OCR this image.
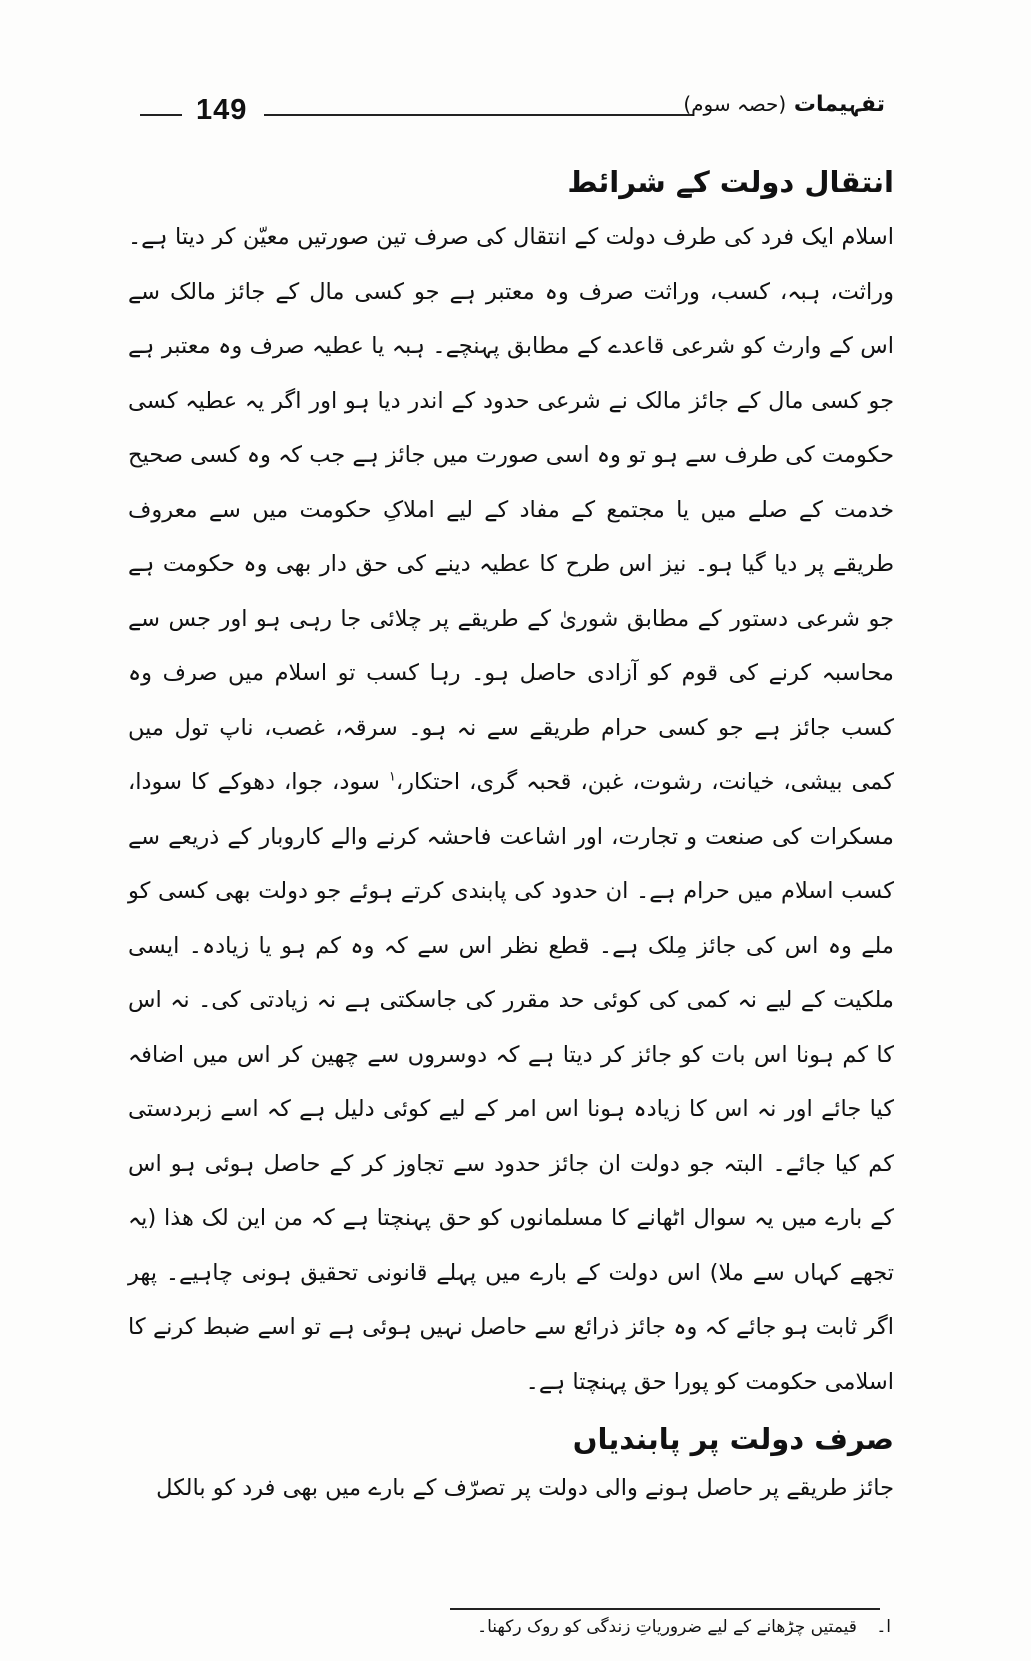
149	تفہیمات (حصہ سوم)
انتقال دولت کے شرائط

اسلام ایک فرد کی طرف دولت کے انتقال کی صرف تین صورتیں معیّن کر دیتا ہے۔ وراثت، ہبہ، کسب، وراثت صرف وہ معتبر ہے جو کسی مال کے جائز مالک سے اس کے وارث کو شرعی قاعدے کے مطابق پہنچے۔ ہبہ یا عطیہ صرف وہ معتبر ہے جو کسی مال کے جائز مالک نے شرعی حدود کے اندر دیا ہو اور اگر یہ عطیہ کسی حکومت کی طرف سے ہو تو وہ اسی صورت میں جائز ہے جب کہ وہ کسی صحیح خدمت کے صلے میں یا مجتمع کے مفاد کے لیے املاکِ حکومت میں سے معروف طریقے پر دیا گیا ہو۔ نیز اس طرح کا عطیہ دینے کی حق دار بھی وہ حکومت ہے جو شرعی دستور کے مطابق شوریٰ کے طریقے پر چلائی جا رہی ہو اور جس سے محاسبہ کرنے کی قوم کو آزادی حاصل ہو۔ رہا کسب تو اسلام میں صرف وہ کسب جائز ہے جو کسی حرام طریقے سے نہ ہو۔ سرقہ، غصب، ناپ تول میں کمی بیشی، خیانت، رشوت، غبن، قحبہ گری، احتکار،$^۱$ سود، جوا، دھوکے کا سودا، مسکرات کی صنعت و تجارت، اور اشاعت فاحشہ کرنے والے کاروبار کے ذریعے سے کسب اسلام میں حرام ہے۔ ان حدود کی پابندی کرتے ہوئے جو دولت بھی کسی کو ملے وہ اس کی جائز مِلک ہے۔ قطع نظر اس سے کہ وہ کم ہو یا زیادہ۔ ایسی ملکیت کے لیے نہ کمی کی کوئی حد مقرر کی جاسکتی ہے نہ زیادتی کی۔ نہ اس کا کم ہونا اس بات کو جائز کر دیتا ہے کہ دوسروں سے چھین کر اس میں اضافہ کیا جائے اور نہ اس کا زیادہ ہونا اس امر کے لیے کوئی دلیل ہے کہ اسے زبردستی کم کیا جائے۔ البتہ جو دولت ان جائز حدود سے تجاوز کر کے حاصل ہوئی ہو اس کے بارے میں یہ سوال اٹھانے کا مسلمانوں کو حق پہنچتا ہے کہ من این لک ھذا (یہ تجھے کہاں سے ملا) اس دولت کے بارے میں پہلے قانونی تحقیق ہونی چاہیے۔ پھر اگر ثابت ہو جائے کہ وہ جائز ذرائع سے حاصل نہیں ہوئی ہے تو اسے ضبط کرنے کا اسلامی حکومت کو پورا حق پہنچتا ہے۔

صرف دولت پر پابندیاں

جائز طریقے پر حاصل ہونے والی دولت پر تصرّف کے بارے میں بھی فرد کو بالکل

ا۔ قیمتیں چڑھانے کے لیے ضروریاتِ زندگی کو روک رکھنا۔
